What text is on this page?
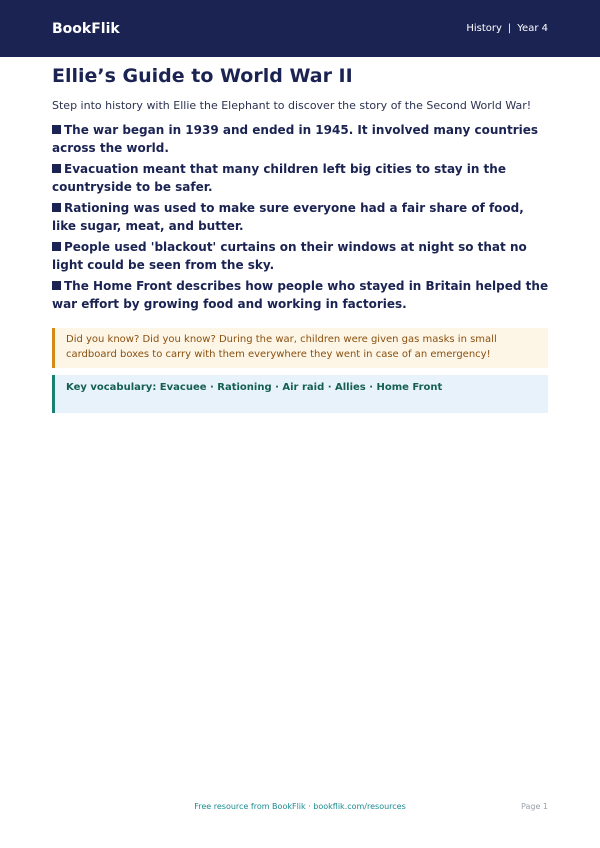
BookFlik	History | Year 4
Ellie’s Guide to World War II
Step into history with Ellie the Elephant to discover the story of the Second World War!
The war began in 1939 and ended in 1945. It involved many countries across the world.
Evacuation meant that many children left big cities to stay in the countryside to be safer.
Rationing was used to make sure everyone had a fair share of food, like sugar, meat, and butter.
People used 'blackout' curtains on their windows at night so that no light could be seen from the sky.
The Home Front describes how people who stayed in Britain helped the war effort by growing food and working in factories.
Did you know? Did you know? During the war, children were given gas masks in small cardboard boxes to carry with them everywhere they went in case of an emergency!
Key vocabulary: Evacuee · Rationing · Air raid · Allies · Home Front
Free resource from BookFlik · bookflik.com/resources	Page 1
